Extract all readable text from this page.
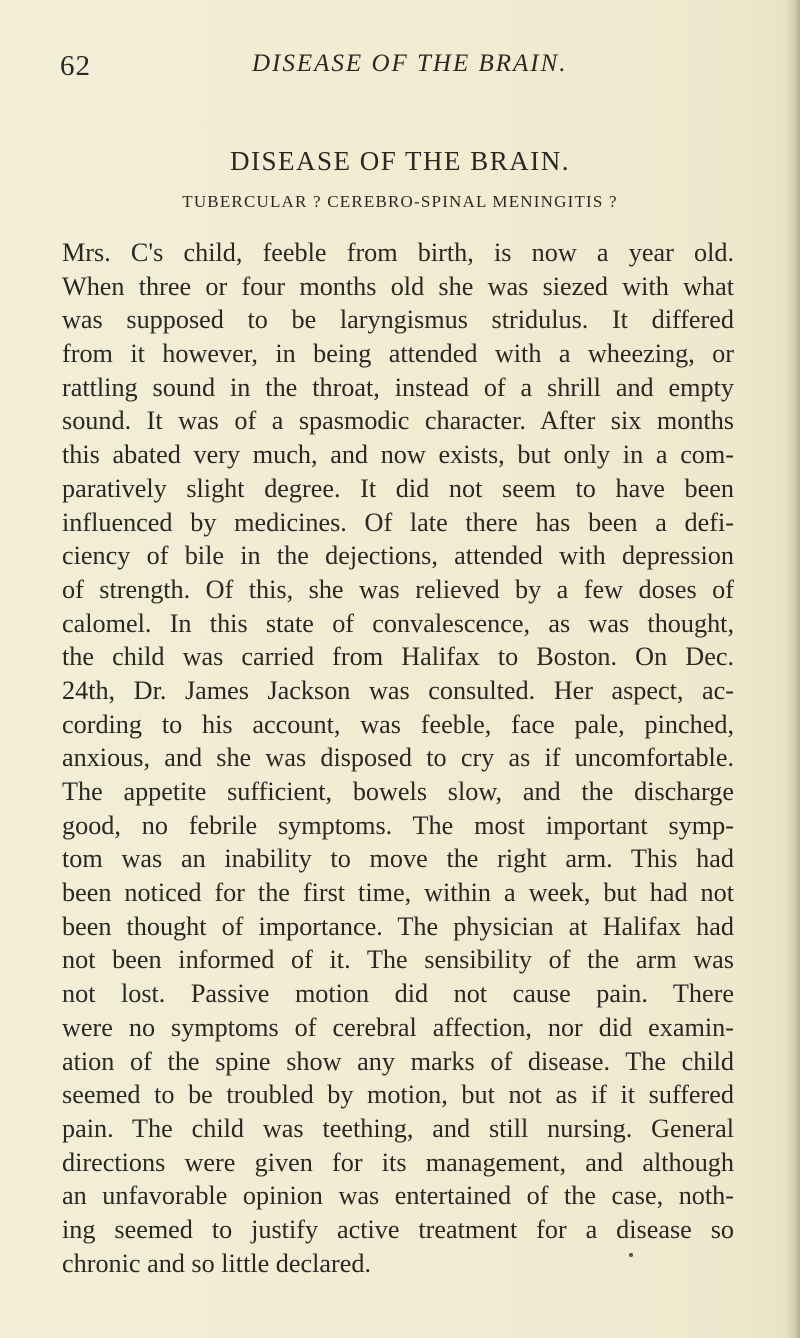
62	DISEASE OF THE BRAIN.
DISEASE OF THE BRAIN.
TUBERCULAR ? CEREBRO-SPINAL MENINGITIS ?
Mrs. C's child, feeble from birth, is now a year old.
When three or four months old she was siezed with what
was supposed to be laryngismus stridulus. It differed
from it however, in being attended with a wheezing, or
rattling sound in the throat, instead of a shrill and empty
sound. It was of a spasmodic character. After six months
this abated very much, and now exists, but only in a com-
paratively slight degree. It did not seem to have been
influenced by medicines. Of late there has been a defi-
ciency of bile in the dejections, attended with depression
of strength. Of this, she was relieved by a few doses of
calomel. In this state of convalescence, as was thought,
the child was carried from Halifax to Boston. On Dec.
24th, Dr. James Jackson was consulted. Her aspect, ac-
cording to his account, was feeble, face pale, pinched,
anxious, and she was disposed to cry as if uncomfortable.
The appetite sufficient, bowels slow, and the discharge
good, no febrile symptoms. The most important symp-
tom was an inability to move the right arm. This had
been noticed for the first time, within a week, but had not
been thought of importance. The physician at Halifax had
not been informed of it. The sensibility of the arm was
not lost. Passive motion did not cause pain. There
were no symptoms of cerebral affection, nor did examin-
ation of the spine show any marks of disease. The child
seemed to be troubled by motion, but not as if it suffered
pain. The child was teething, and still nursing. General
directions were given for its management, and although
an unfavorable opinion was entertained of the case, noth-
ing seemed to justify active treatment for a disease so
chronic and so little declared.
